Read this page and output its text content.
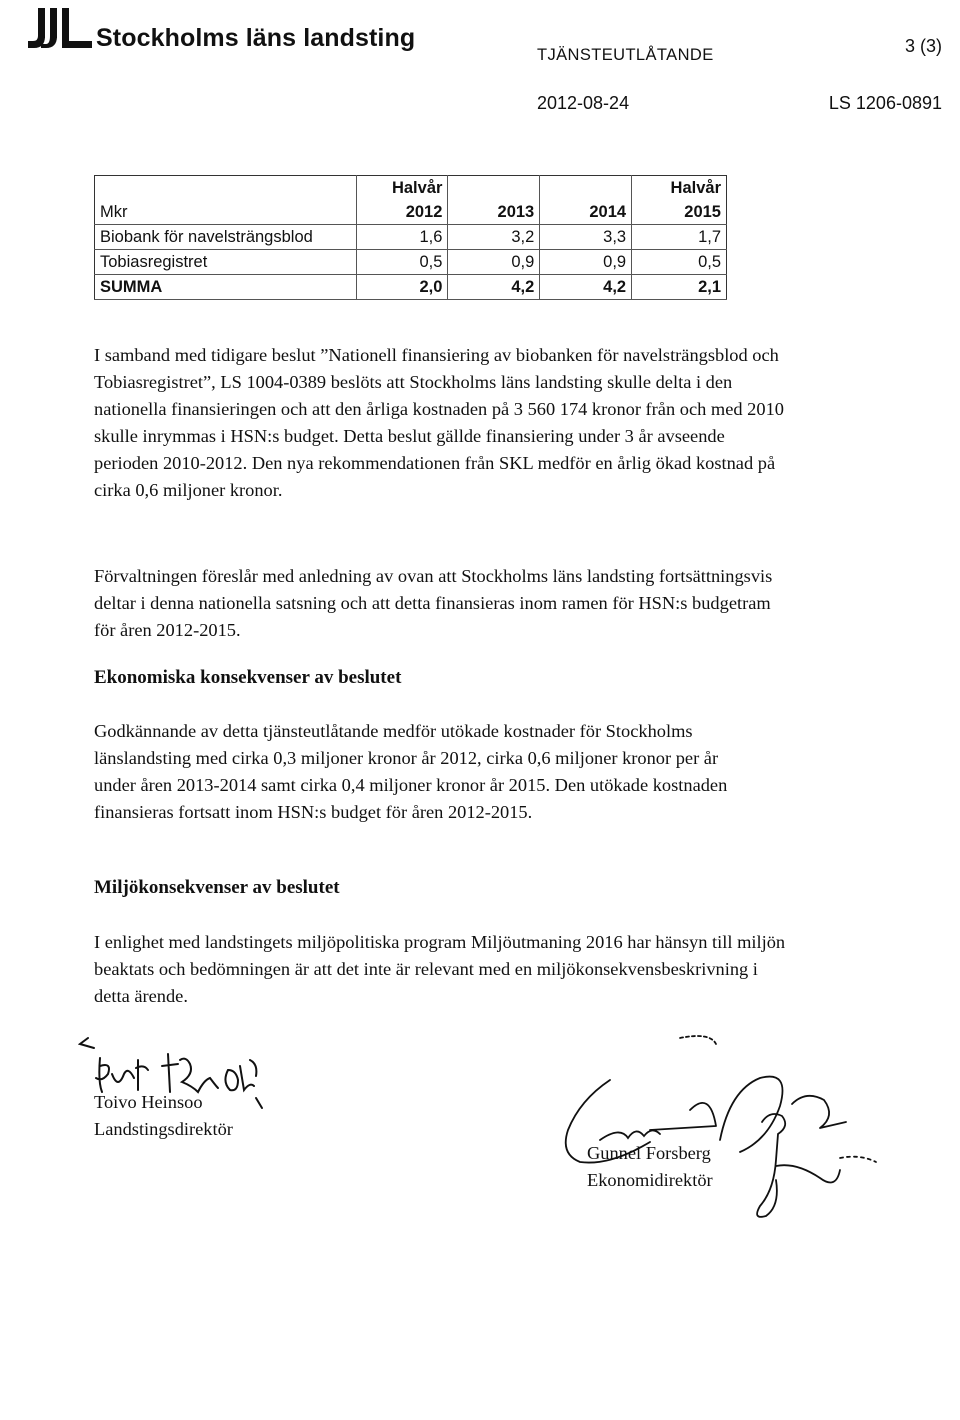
Stockholms läns landsting	3 (3)
TJÄNSTEUTLÅTANDE
2012-08-24	LS 1206-0891
	Halvår			Halvår
Mkr	2012	2013	2014	2015
Biobank för navelsträngsblod	1,6	3,2	3,3	1,7
Tobiasregistret	0,5	0,9	0,9	0,5
SUMMA	2,0	4,2	4,2	2,1
I samband med tidigare beslut ”Nationell finansiering av biobanken för navelsträngsblod och Tobiasregistret”, LS 1004-0389 beslöts att Stockholms läns landsting skulle delta i den nationella finansieringen och att den årliga kostnaden på 3 560 174 kronor från och med 2010 skulle inrymmas i HSN:s budget. Detta beslut gällde finansiering under 3 år avseende perioden 2010-2012. Den nya rekommendationen från SKL medför en årlig ökad kostnad på cirka 0,6 miljoner kronor.
Förvaltningen föreslår med anledning av ovan att Stockholms läns landsting fortsättningsvis deltar i denna nationella satsning och att detta finansieras inom ramen för HSN:s budgetram för åren 2012-2015.
Ekonomiska konsekvenser av beslutet
Godkännande av detta tjänsteutlåtande medför utökade kostnader för Stockholms länslandsting med cirka 0,3 miljoner kronor år 2012, cirka 0,6 miljoner kronor per år under åren 2013-2014 samt cirka 0,4 miljoner kronor år 2015. Den utökade kostnaden finansieras fortsatt inom HSN:s budget för åren 2012-2015.
Miljökonsekvenser av beslutet
I enlighet med landstingets miljöpolitiska program Miljöutmaning 2016 har hänsyn till miljön beaktats och bedömningen är att det inte är relevant med en miljökonsekvensbeskrivning i detta ärende.
Toivo Heinsoo
Landstingsdirektör
Gunnel Forsberg
Ekonomidirektör
